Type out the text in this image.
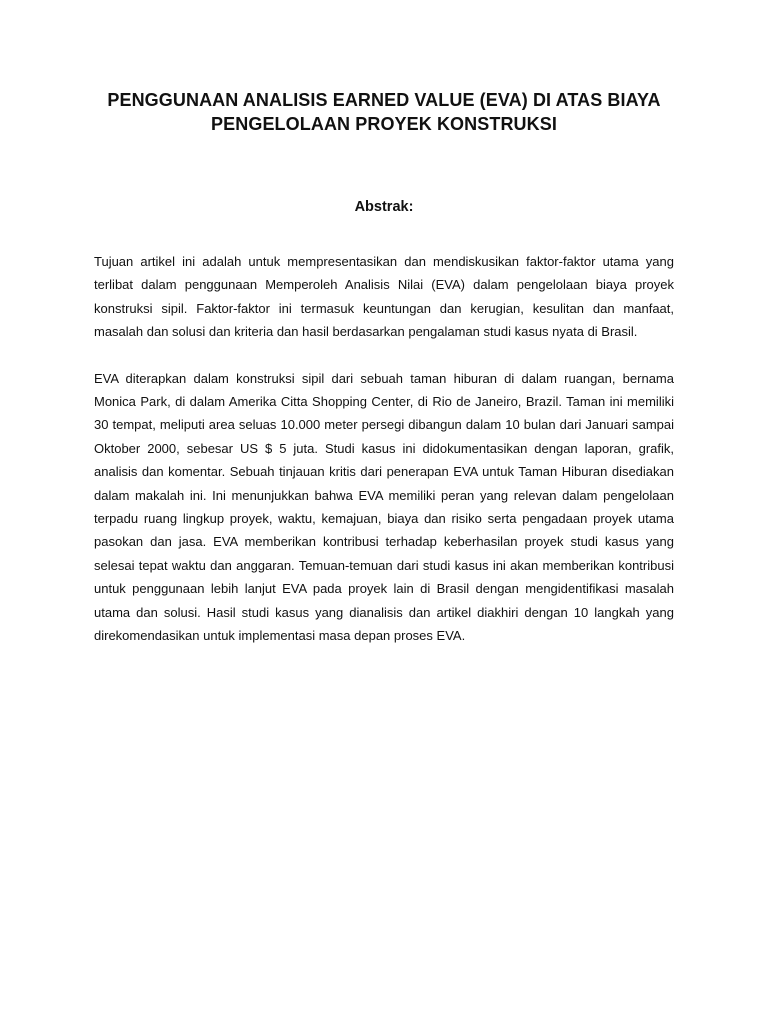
PENGGUNAAN ANALISIS EARNED VALUE (EVA) DI ATAS BIAYA
PENGELOLAAN PROYEK KONSTRUKSI
Abstrak:

Tujuan artikel ini adalah untuk mempresentasikan dan mendiskusikan faktor-faktor utama yang terlibat dalam penggunaan Memperoleh Analisis Nilai (EVA) dalam pengelolaan biaya proyek konstruksi sipil. Faktor-faktor ini termasuk keuntungan dan kerugian, kesulitan dan manfaat, masalah dan solusi dan kriteria dan hasil berdasarkan pengalaman studi kasus nyata di Brasil.

EVA diterapkan dalam konstruksi sipil dari sebuah taman hiburan di dalam ruangan, bernama Monica Park, di dalam Amerika Citta Shopping Center, di Rio de Janeiro, Brazil. Taman ini memiliki 30 tempat, meliputi area seluas 10.000 meter persegi dibangun dalam 10 bulan dari Januari sampai Oktober 2000, sebesar US $ 5 juta. Studi kasus ini didokumentasikan dengan laporan, grafik, analisis dan komentar. Sebuah tinjauan kritis dari penerapan EVA untuk Taman Hiburan disediakan dalam makalah ini. Ini menunjukkan bahwa EVA memiliki peran yang relevan dalam pengelolaan terpadu ruang lingkup proyek, waktu, kemajuan, biaya dan risiko serta pengadaan proyek utama pasokan dan jasa. EVA memberikan kontribusi terhadap keberhasilan proyek studi kasus yang selesai tepat waktu dan anggaran. Temuan-temuan dari studi kasus ini akan memberikan kontribusi untuk penggunaan lebih lanjut EVA pada proyek lain di Brasil dengan mengidentifikasi masalah utama dan solusi. Hasil studi kasus yang dianalisis dan artikel diakhiri dengan 10 langkah yang direkomendasikan untuk implementasi masa depan proses EVA.
